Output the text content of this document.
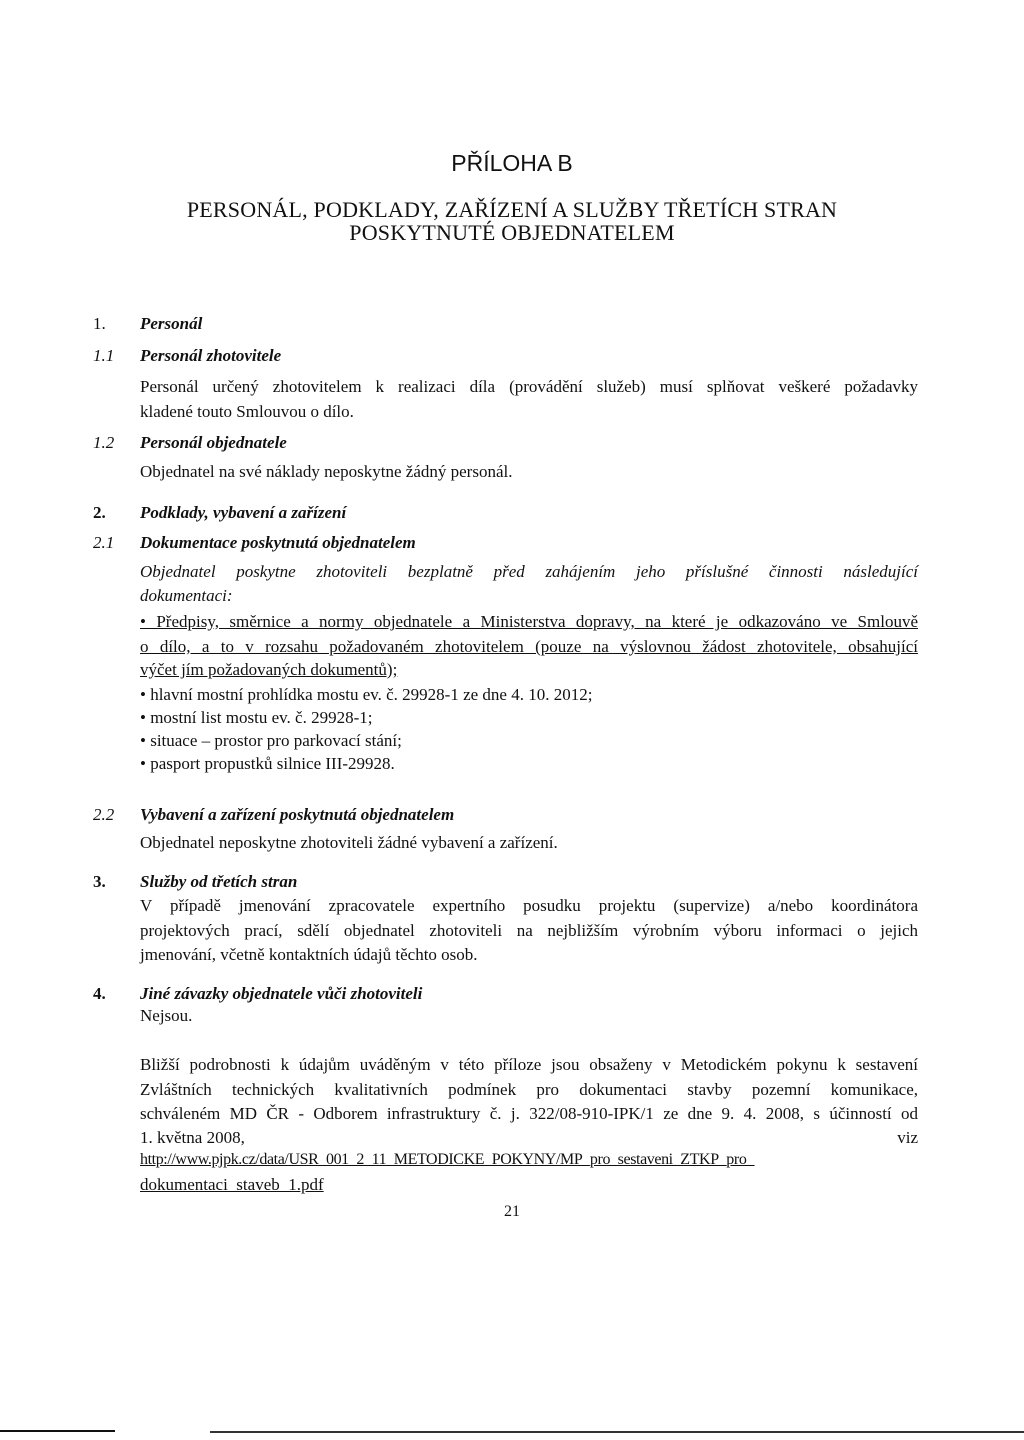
PŘÍLOHA B
PERSONÁL, PODKLADY, ZAŘÍZENÍ A SLUŽBY TŘETÍCH STRAN
POSKYTNUTÉ OBJEDNATELEM
1. Personál
1.1 Personál zhotovitele
Personál určený zhotovitelem k realizaci díla (provádění služeb) musí splňovat veškeré požadavky
kladené touto Smlouvou o dílo.
1.2 Personál objednatele
Objednatel na své náklady neposkytne žádný personál.
2. Podklady, vybavení a zařízení
2.1 Dokumentace poskytnutá objednatelem
Objednatel poskytne zhotoviteli bezplatně před zahájením jeho příslušné činnosti následující
dokumentaci:
• Předpisy, směrnice a normy objednatele a Ministerstva dopravy, na které je odkazováno ve Smlouvě
o dílo, a to v rozsahu požadovaném zhotovitelem (pouze na výslovnou žádost zhotovitele, obsahující
výčet jím požadovaných dokumentů);
• hlavní mostní prohlídka mostu ev. č. 29928-1 ze dne 4. 10. 2012;
• mostní list mostu ev. č. 29928-1;
• situace – prostor pro parkovací stání;
• pasport propustků silnice III-29928.
2.2 Vybavení a zařízení poskytnutá objednatelem
Objednatel neposkytne zhotoviteli žádné vybavení a zařízení.
3. Služby od třetích stran
V případě jmenování zpracovatele expertního posudku projektu (supervize) a/nebo koordinátora
projektových prací, sdělí objednatel zhotoviteli na nejbližším výrobním výboru informaci o jejich
jmenování, včetně kontaktních údajů těchto osob.
4. Jiné závazky objednatele vůči zhotoviteli
Nejsou.
Bližší podrobnosti k údajům uváděným v této příloze jsou obsaženy v Metodickém pokynu k sestavení
Zvláštních technických kvalitativních podmínek pro dokumentaci stavby pozemní komunikace,
schváleném MD ČR - Odborem infrastruktury č. j. 322/08-910-IPK/1 ze dne 9. 4. 2008, s účinností od
1. května 2008,	viz
http://www.pjpk.cz/data/USR_001_2_11_METODICKE_POKYNY/MP_pro_sestaveni_ZTKP_pro_
dokumentaci_staveb_1.pdf
21
